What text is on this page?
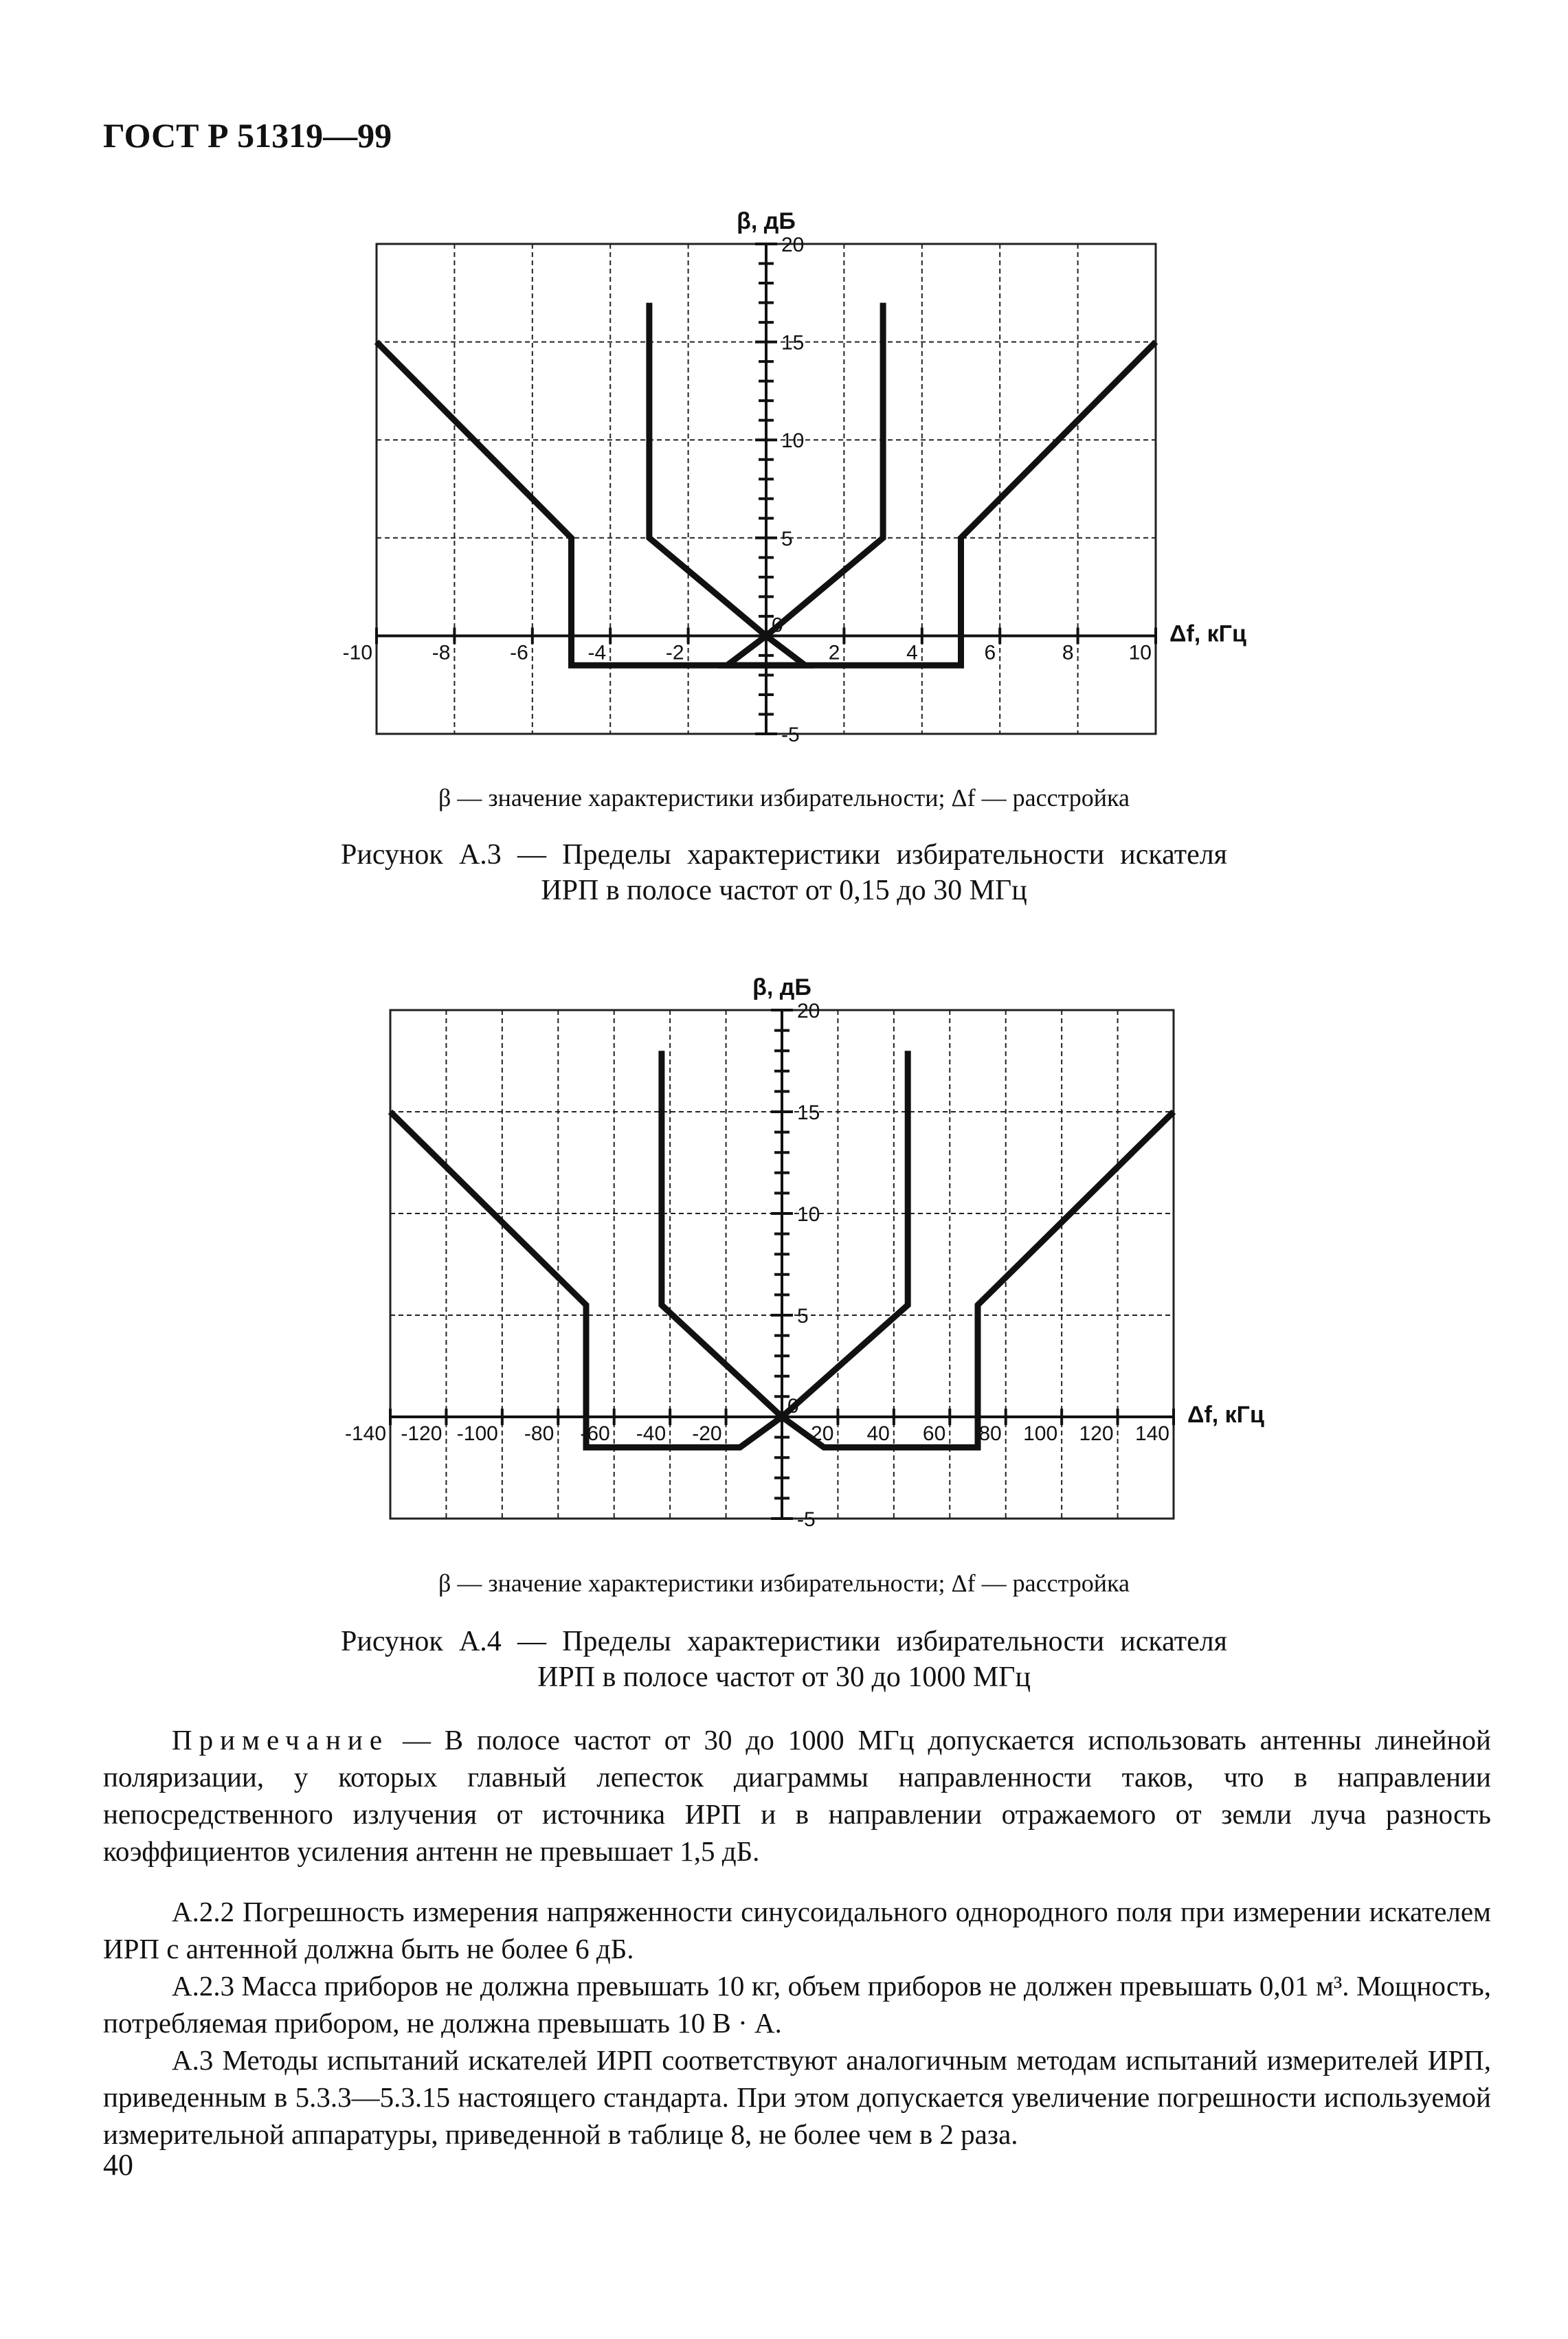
ГОСТ Р 51319—99
20
15
10
5
-5
0
-10	-8	-6	-4	-2	2	4	6	8	10
β, дБ
Δf, кГц
β — значение характеристики избирательности; Δf — расстройка
Рисунок А.3 — Пределы характеристики избирательности искателя
ИРП в полосе частот от 0,15 до 30 МГц
20
15
10
5
-5
0
-140 -120 -100 -80 -60 -40 -20	20 40 60 80 100 120 140
β, дБ
Δf, кГц
β — значение характеристики избирательности; Δf — расстройка
Рисунок А.4 — Пределы характеристики избирательности искателя
ИРП в полосе частот от 30 до 1000 МГц

Примечание — В полосе частот от 30 до 1000 МГц допускается использовать антенны линейной поляризации, у которых главный лепесток диаграммы направленности таков, что в направлении непосредственного излучения от источника ИРП и в направлении отражаемого от земли луча разность коэффициентов усиления антенн не превышает 1,5 дБ.

А.2.2 Погрешность измерения напряженности синусоидального однородного поля при измерении искателем ИРП с антенной должна быть не более 6 дБ.

А.2.3 Масса приборов не должна превышать 10 кг, объем приборов не должен превышать 0,01 м³. Мощность, потребляемая прибором, не должна превышать 10 В · А.

А.3 Методы испытаний искателей ИРП соответствуют аналогичным методам испытаний измерителей ИРП, приведенным в 5.3.3—5.3.15 настоящего стандарта. При этом допускается увеличение погрешности используемой измерительной аппаратуры, приведенной в таблице 8, не более чем в 2 раза.

40
